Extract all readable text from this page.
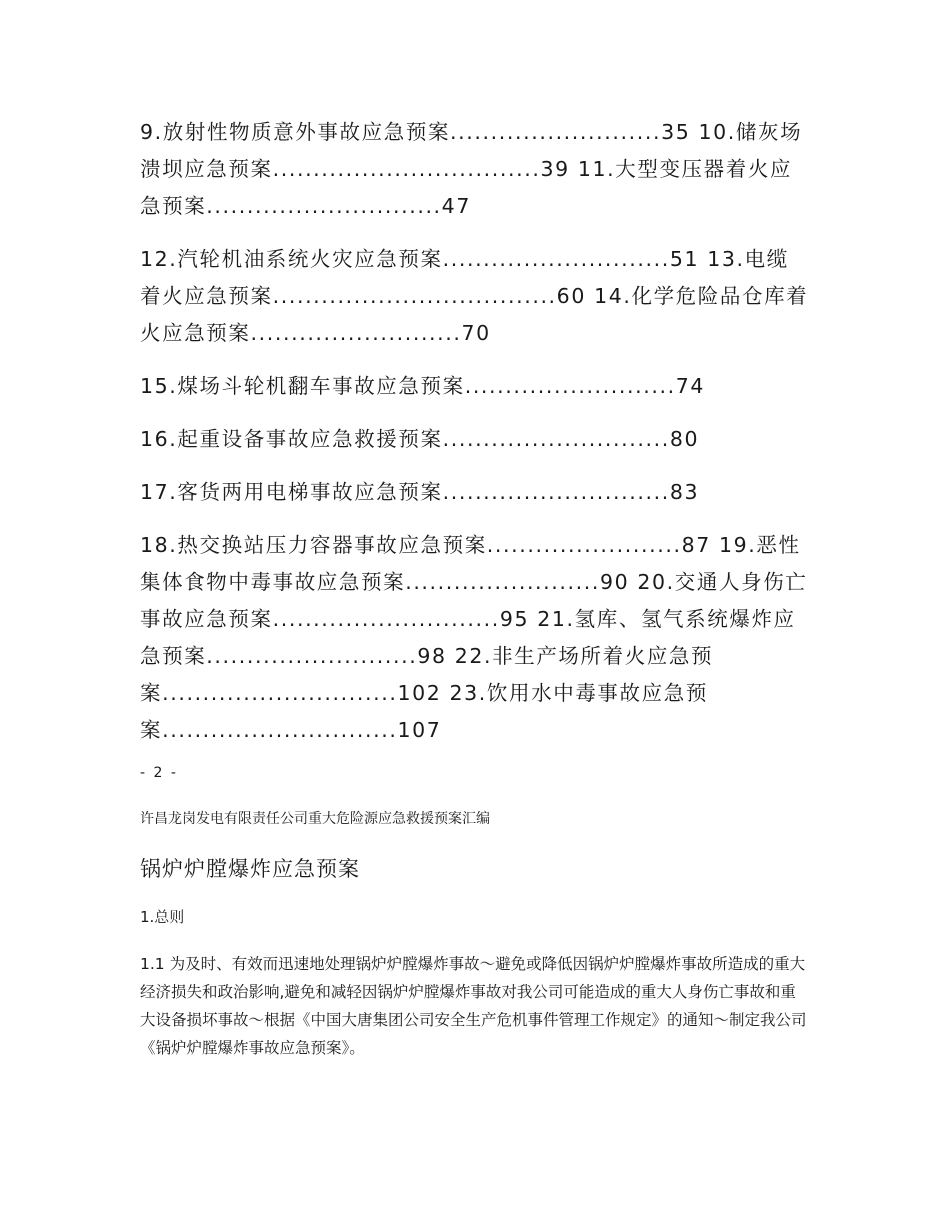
9.放射性物质意外事故应急预案..........................35 10.储灰场溃坝应急预案.................................39 11.大型变压器着火应急预案.............................47

12.汽轮机油系统火灾应急预案............................51 13.电缆着火应急预案...................................60 14.化学危险品仓库着火应急预案..........................70

15.煤场斗轮机翻车事故应急预案..........................74

16.起重设备事故应急救援预案............................80

17.客货两用电梯事故应急预案............................83

18.热交换站压力容器事故应急预案........................87 19.恶性集体食物中毒事故应急预案........................90 20.交通人身伤亡事故应急预案............................95 21.氢库、氢气系统爆炸应急预案..........................98 22.非生产场所着火应急预案.............................102 23.饮用水中毒事故应急预案.............................107

- 2 -
许昌龙岗发电有限责任公司重大危险源应急救援预案汇编
锅炉炉膛爆炸应急预案
1.总则

1.1 为及时、有效而迅速地处理锅炉炉膛爆炸事故～避免或降低因锅炉炉膛爆炸事故所造成的重大经济损失和政治影响,避免和减轻因锅炉炉膛爆炸事故对我公司可能造成的重大人身伤亡事故和重大设备损坏事故～根据《中国大唐集团公司安全生产危机事件管理工作规定》的通知～制定我公司《锅炉炉膛爆炸事故应急预案》。
